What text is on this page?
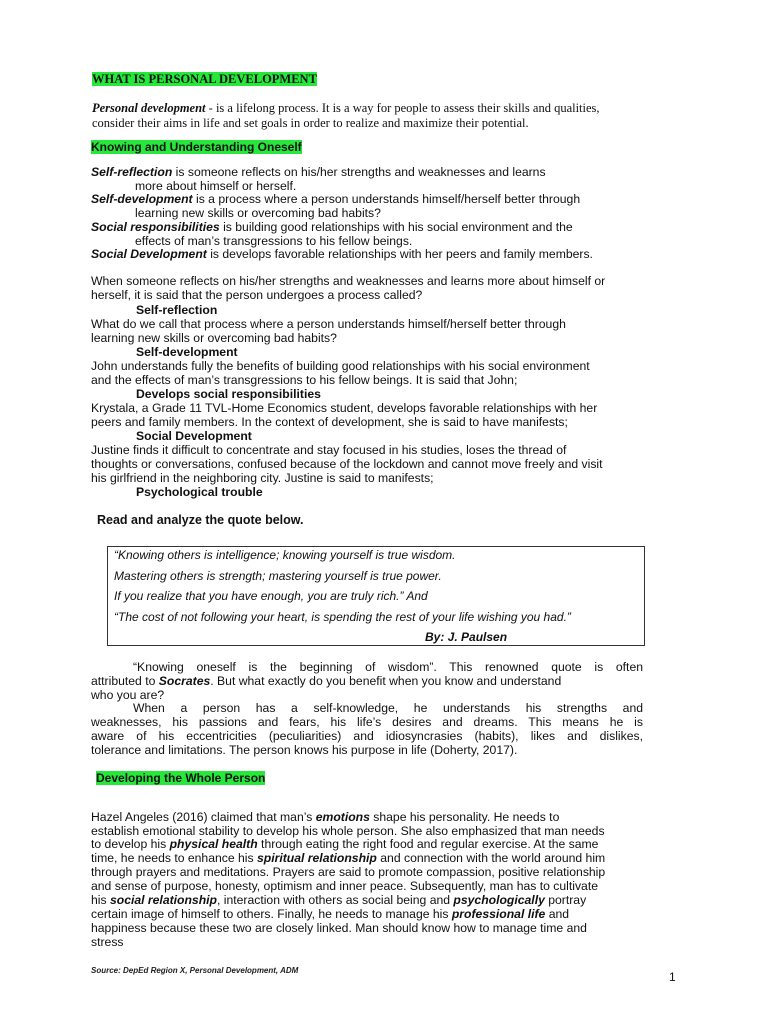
WHAT IS PERSONAL DEVELOPMENT
Personal development - is a lifelong process. It is a way for people to assess their skills and qualities,
consider their aims in life and set goals in order to realize and maximize their potential.
Knowing and Understanding Oneself
Self-reflection is someone reflects on his/her strengths and weaknesses and learns
more about himself or herself.
Self-development is a process where a person understands himself/herself better through
learning new skills or overcoming bad habits?
Social responsibilities is building good relationships with his social environment and the
effects of man’s transgressions to his fellow beings.
Social Development is develops favorable relationships with her peers and family members.
When someone reflects on his/her strengths and weaknesses and learns more about himself or
herself, it is said that the person undergoes a process called?
Self-reflection
What do we call that process where a person understands himself/herself better through
learning new skills or overcoming bad habits?
Self-development
John understands fully the benefits of building good relationships with his social environment
and the effects of man’s transgressions to his fellow beings. It is said that John;
Develops social responsibilities
Krystala, a Grade 11 TVL-Home Economics student, develops favorable relationships with her
peers and family members. In the context of development, she is said to have manifests;
Social Development
Justine finds it difficult to concentrate and stay focused in his studies, loses the thread of
thoughts or conversations, confused because of the lockdown and cannot move freely and visit
his girlfriend in the neighboring city. Justine is said to manifests;
Psychological trouble
Read and analyze the quote below.
“Knowing others is intelligence; knowing yourself is true wisdom.
Mastering others is strength; mastering yourself is true power.
If you realize that you have enough, you are truly rich.” And
“The cost of not following your heart, is spending the rest of your life wishing you had.”
By: J. Paulsen
“Knowing oneself is the beginning of wisdom”. This renowned quote is often
attributed to Socrates. But what exactly do you benefit when you know and understand
who you are?
When a person has a self-knowledge, he understands his strengths and
weaknesses, his passions and fears, his life’s desires and dreams. This means he is
aware of his eccentricities (peculiarities) and idiosyncrasies (habits), likes and dislikes,
tolerance and limitations. The person knows his purpose in life (Doherty, 2017).
Developing the Whole Person
Hazel Angeles (2016) claimed that man’s emotions shape his personality. He needs to
establish emotional stability to develop his whole person. She also emphasized that man needs
to develop his physical health through eating the right food and regular exercise. At the same
time, he needs to enhance his spiritual relationship and connection with the world around him
through prayers and meditations. Prayers are said to promote compassion, positive relationship
and sense of purpose, honesty, optimism and inner peace. Subsequently, man has to cultivate
his social relationship, interaction with others as social being and psychologically portray
certain image of himself to others. Finally, he needs to manage his professional life and
happiness because these two are closely linked. Man should know how to manage time and
stress
Source: DepEd Region X, Personal Development, ADM	1
